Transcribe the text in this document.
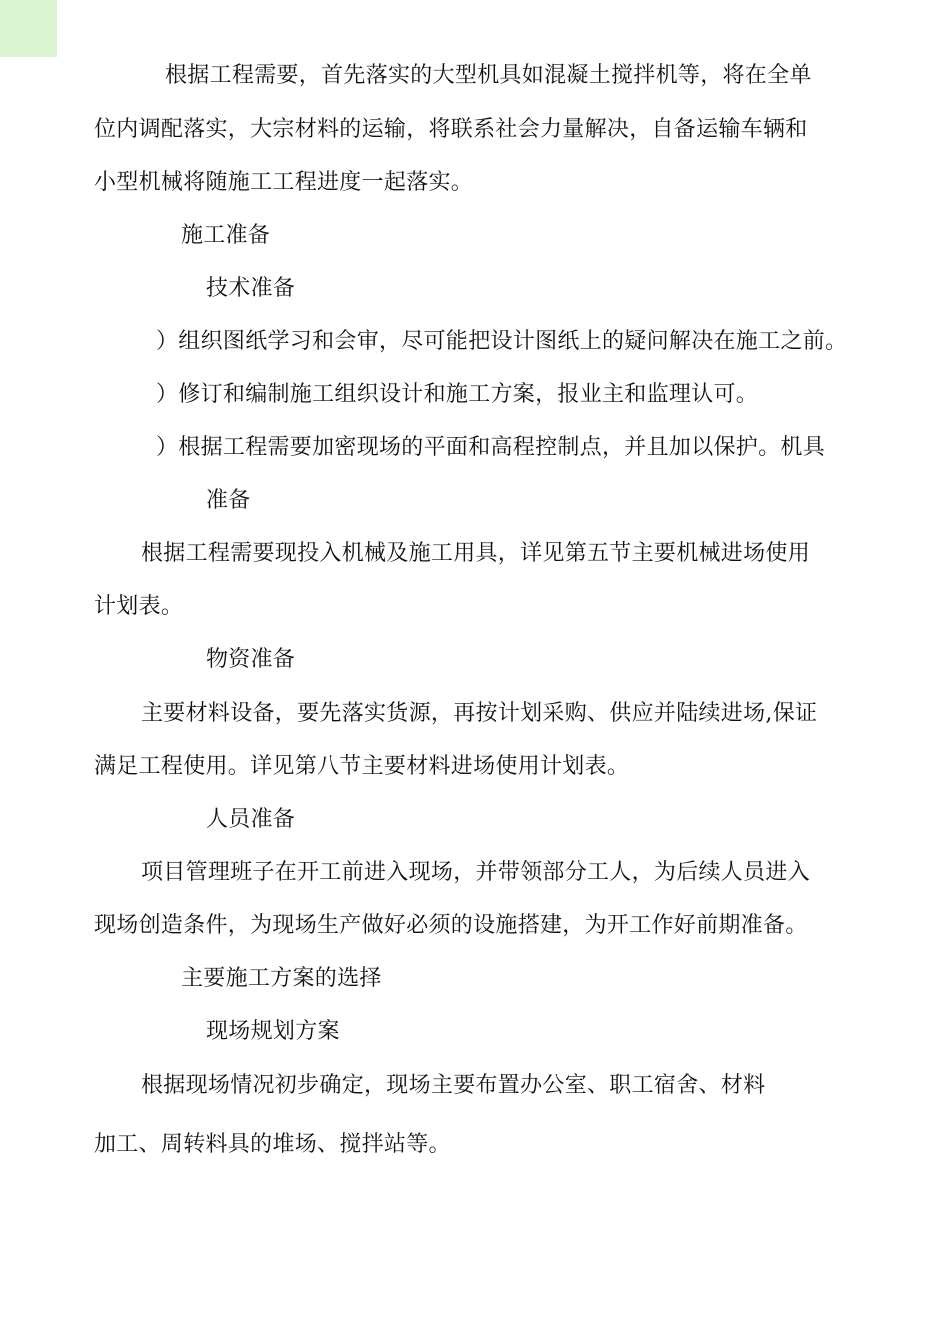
根据工程需要，首先落实的大型机具如混凝土搅拌机等，将在全单
位内调配落实，大宗材料的运输，将联系社会力量解决，自备运输车辆和
小型机械将随施工工程进度一起落实。
施工准备
技术准备
）组织图纸学习和会审，尽可能把设计图纸上的疑问解决在施工之前。
）修订和编制施工组织设计和施工方案，报业主和监理认可。
）根据工程需要加密现场的平面和高程控制点，并且加以保护。机具
准备
根据工程需要现投入机械及施工用具，详见第五节主要机械进场使用
计划表。
物资准备
主要材料设备，要先落实货源，再按计划采购、供应并陆续进场,保证
满足工程使用。详见第八节主要材料进场使用计划表。
人员准备
项目管理班子在开工前进入现场，并带领部分工人，为后续人员进入
现场创造条件，为现场生产做好必须的设施搭建，为开工作好前期准备。
主要施工方案的选择
现场规划方案
根据现场情况初步确定，现场主要布置办公室、职工宿舍、材料
加工、周转料具的堆场、搅拌站等。
